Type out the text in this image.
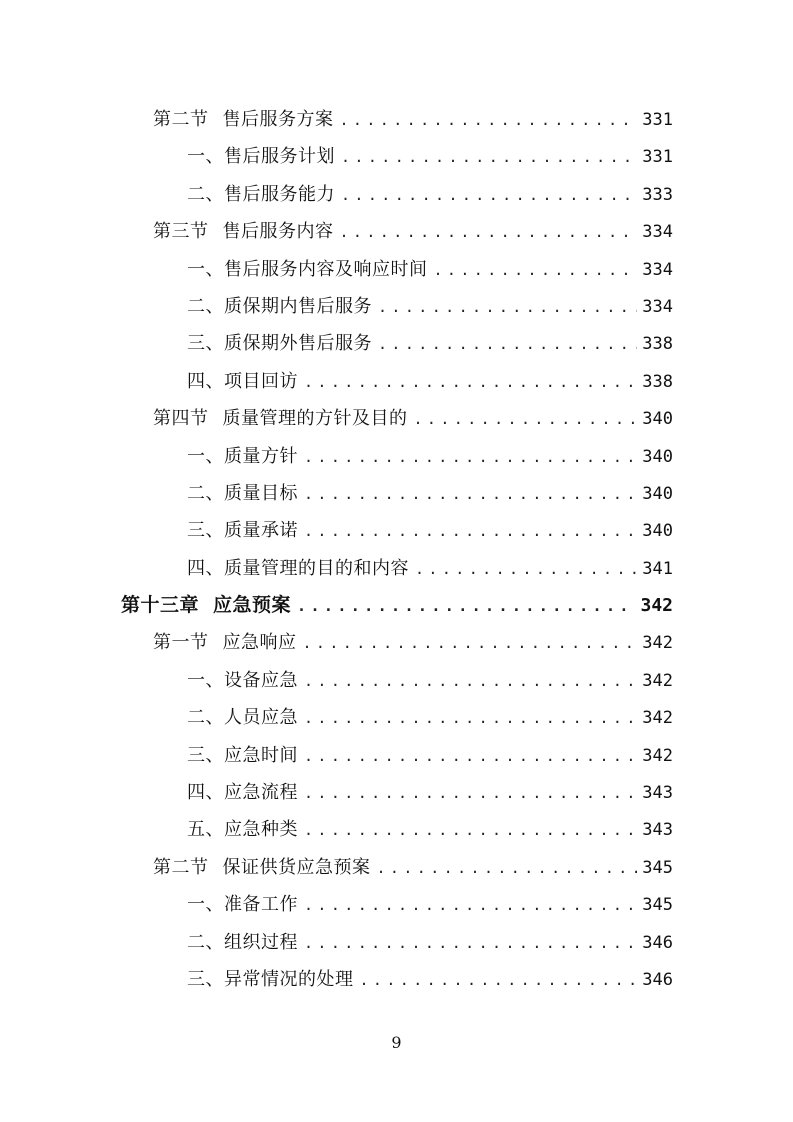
第二节 售后服务方案 .....	331
一、售后服务计划 .....	331
二、售后服务能力 .....	333
第三节 售后服务内容 .....	334
一、售后服务内容及响应时间 .....	334
二、质保期内售后服务 .....	334
三、质保期外售后服务 .....	338
四、项目回访 .....	338
第四节 质量管理的方针及目的 .....	340
一、质量方针 .....	340
二、质量目标 .....	340
三、质量承诺 .....	340
四、质量管理的目的和内容 .....	341
第十三章 应急预案 .....	342
第一节 应急响应 .....	342
一、设备应急 .....	342
二、人员应急 .....	342
三、应急时间 .....	342
四、应急流程 .....	343
五、应急种类 .....	343
第二节 保证供货应急预案 .....	345
一、准备工作 .....	345
二、组织过程 .....	346
三、异常情况的处理 .....	346
9
